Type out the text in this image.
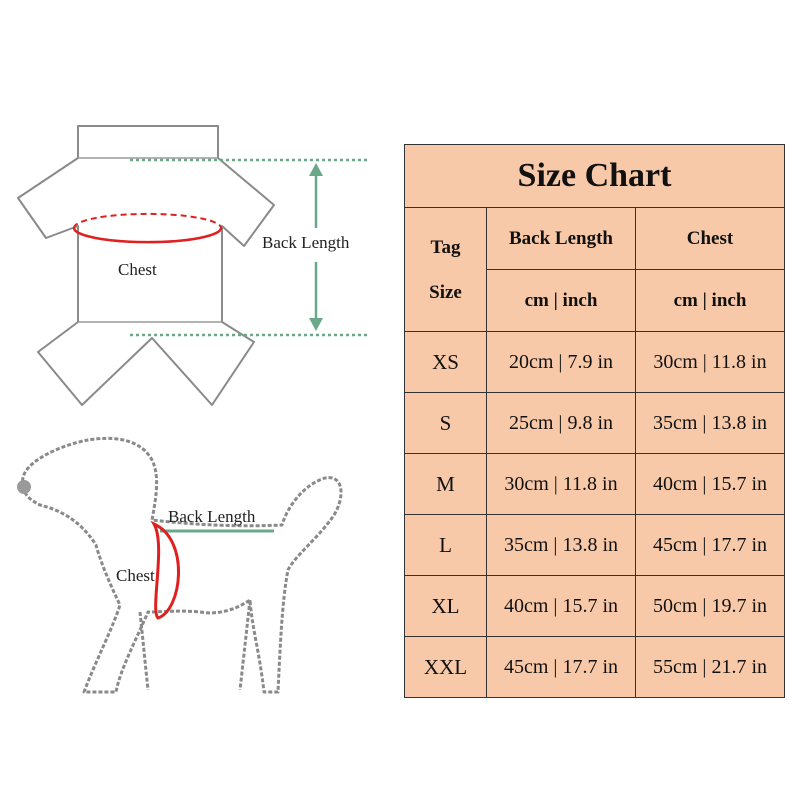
Chest
Back Length
Back Length
Chest
Size Chart		
Tag
Size	Back Length	Chest
	cm | inch	cm | inch
XS	20cm | 7.9 in	30cm | 11.8 in
S	25cm | 9.8 in	35cm | 13.8 in
M	30cm | 11.8 in	40cm | 15.7 in
L	35cm | 13.8 in	45cm | 17.7 in
XL	40cm | 15.7 in	50cm | 19.7 in
XXL	45cm | 17.7 in	55cm | 21.7 in
